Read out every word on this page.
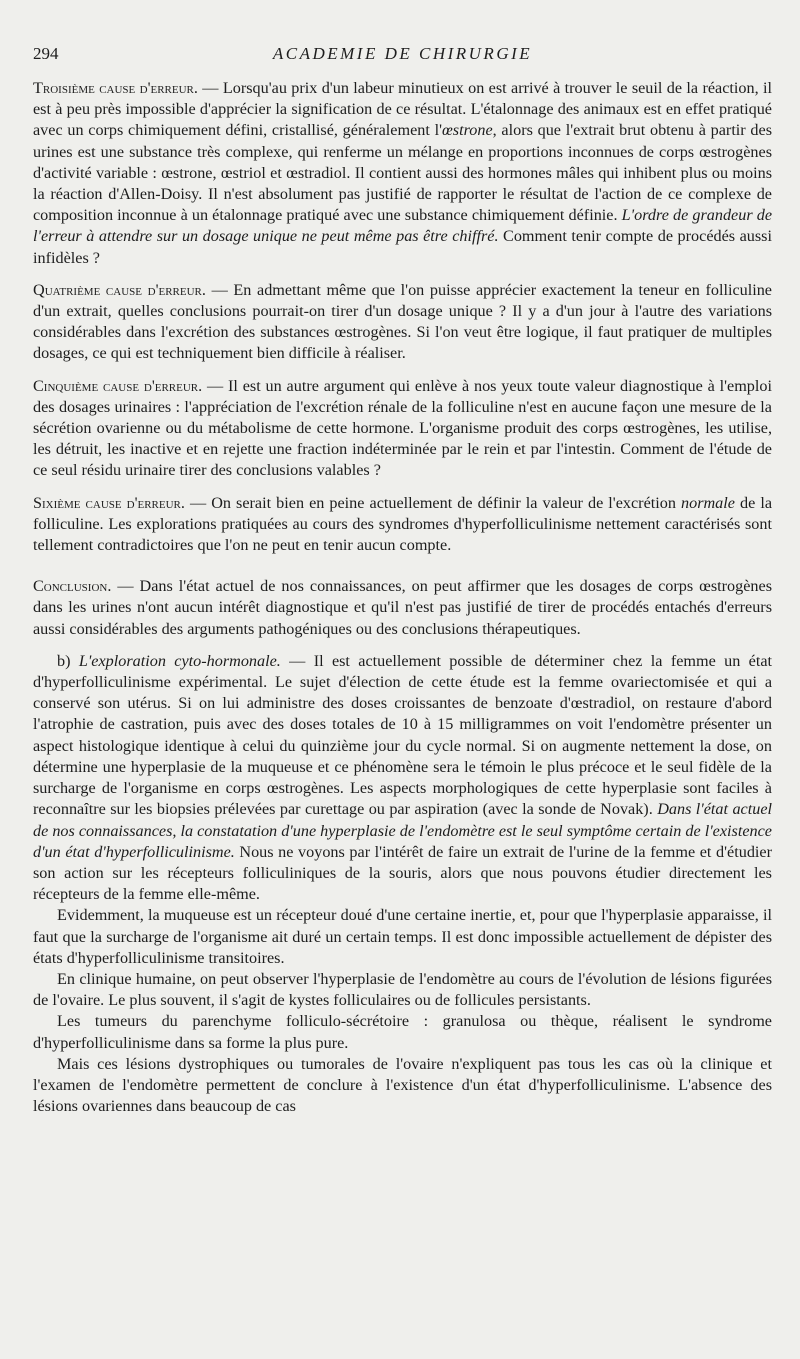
294	ACADEMIE DE CHIRURGIE

Troisième cause d'erreur. — Lorsqu'au prix d'un labeur minutieux on est arrivé à trouver le seuil de la réaction, il est à peu près impossible d'apprécier la signification de ce résultat. L'étalonnage des animaux est en effet pratiqué avec un corps chimiquement défini, cristallisé, généralement l'œstrone, alors que l'extrait brut obtenu à partir des urines est une substance très complexe, qui renferme un mélange en proportions inconnues de corps œstrogènes d'activité variable : œstrone, œstriol et œstradiol. Il contient aussi des hormones mâles qui inhibent plus ou moins la réaction d'Allen-Doisy. Il n'est absolument pas justifié de rapporter le résultat de l'action de ce complexe de composition inconnue à un étalonnage pratiqué avec une substance chimiquement définie. L'ordre de grandeur de l'erreur à attendre sur un dosage unique ne peut même pas être chiffré. Comment tenir compte de procédés aussi infidèles ?

Quatrième cause d'erreur. — En admettant même que l'on puisse apprécier exactement la teneur en folliculine d'un extrait, quelles conclusions pourrait-on tirer d'un dosage unique ? Il y a d'un jour à l'autre des variations considérables dans l'excrétion des substances œstrogènes. Si l'on veut être logique, il faut pratiquer de multiples dosages, ce qui est techniquement bien difficile à réaliser.

Cinquième cause d'erreur. — Il est un autre argument qui enlève à nos yeux toute valeur diagnostique à l'emploi des dosages urinaires : l'appréciation de l'excrétion rénale de la folliculine n'est en aucune façon une mesure de la sécrétion ovarienne ou du métabolisme de cette hormone. L'organisme produit des corps œstrogènes, les utilise, les détruit, les inactive et en rejette une fraction indéterminée par le rein et par l'intestin. Comment de l'étude de ce seul résidu urinaire tirer des conclusions valables ?

Sixième cause d'erreur. — On serait bien en peine actuellement de définir la valeur de l'excrétion normale de la folliculine. Les explorations pratiquées au cours des syndromes d'hyperfolliculinisme nettement caractérisés sont tellement contradictoires que l'on ne peut en tenir aucun compte.

Conclusion. — Dans l'état actuel de nos connaissances, on peut affirmer que les dosages de corps œstrogènes dans les urines n'ont aucun intérêt diagnostique et qu'il n'est pas justifié de tirer de procédés entachés d'erreurs aussi considérables des arguments pathogéniques ou des conclusions thérapeutiques.

b) L'exploration cyto-hormonale. — Il est actuellement possible de déterminer chez la femme un état d'hyperfolliculinisme expérimental. Le sujet d'élection de cette étude est la femme ovariectomisée et qui a conservé son utérus. Si on lui administre des doses croissantes de benzoate d'œstradiol, on restaure d'abord l'atrophie de castration, puis avec des doses totales de 10 à 15 milligrammes on voit l'endomètre présenter un aspect histologique identique à celui du quinzième jour du cycle normal. Si on augmente nettement la dose, on détermine une hyperplasie de la muqueuse et ce phénomène sera le témoin le plus précoce et le seul fidèle de la surcharge de l'organisme en corps œstrogènes. Les aspects morphologiques de cette hyperplasie sont faciles à reconnaître sur les biopsies prélevées par curettage ou par aspiration (avec la sonde de Novak). Dans l'état actuel de nos connaissances, la constatation d'une hyperplasie de l'endomètre est le seul symptôme certain de l'existence d'un état d'hyperfolliculinisme. Nous ne voyons par l'intérêt de faire un extrait de l'urine de la femme et d'étudier son action sur les récepteurs folliculiniques de la souris, alors que nous pouvons étudier directement les récepteurs de la femme elle-même.

Evidemment, la muqueuse est un récepteur doué d'une certaine inertie, et, pour que l'hyperplasie apparaisse, il faut que la surcharge de l'organisme ait duré un certain temps. Il est donc impossible actuellement de dépister des états d'hyperfolliculinisme transitoires.

En clinique humaine, on peut observer l'hyperplasie de l'endomètre au cours de l'évolution de lésions figurées de l'ovaire. Le plus souvent, il s'agit de kystes folliculaires ou de follicules persistants.

Les tumeurs du parenchyme folliculo-sécrétoire : granulosa ou thèque, réalisent le syndrome d'hyperfolliculinisme dans sa forme la plus pure.

Mais ces lésions dystrophiques ou tumorales de l'ovaire n'expliquent pas tous les cas où la clinique et l'examen de l'endomètre permettent de conclure à l'existence d'un état d'hyperfolliculinisme. L'absence des lésions ovariennes dans beaucoup de cas
